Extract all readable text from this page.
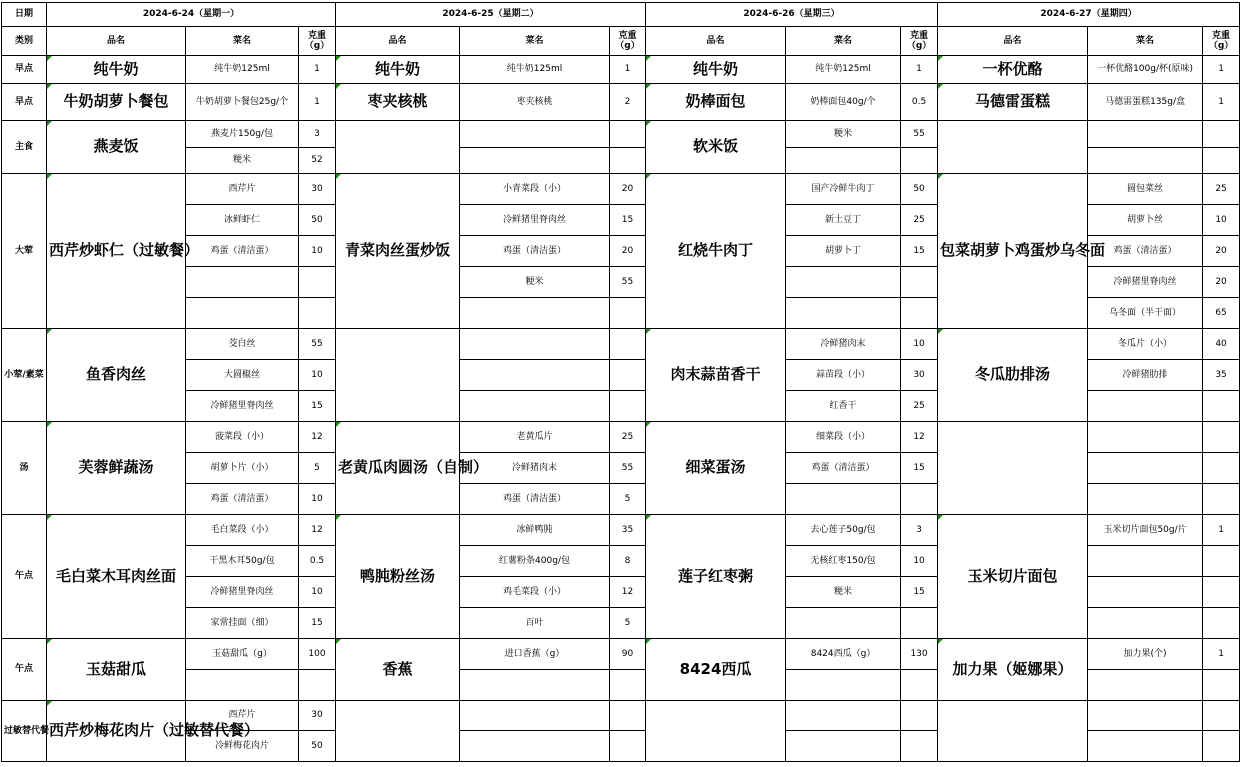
日期	2024-6-24（星期一）			2024-6-25（星期二）			2024-6-26（星期三）			2024-6-27（星期四）		
类别	品名	菜名	克重（g）	品名	菜名	克重（g）	品名	菜名	克重（g）	品名	菜名	克重（g）
早点	纯牛奶	纯牛奶125ml	1	纯牛奶	纯牛奶125ml	1	纯牛奶	纯牛奶125ml	1	一杯优酪	一杯优酪100g/杯(原味)	1
早点	牛奶胡萝卜餐包	牛奶胡萝卜餐包25g/个	1	枣夹核桃	枣夹核桃	2	奶棒面包	奶棒面包40g/个	0.5	马德雷蛋糕	马德雷蛋糕135g/盒	1
主食	燕麦饭	燕麦片150g/包	3				软米饭	粳米	55			
		粳米	52									
大荤	西芹炒虾仁（过敏餐）	西芹片	30	青菜肉丝蛋炒饭	小青菜段（小）	20	红烧牛肉丁	国产冷鲜牛肉丁	50	包菜胡萝卜鸡蛋炒乌冬面	圆包菜丝	25
		冰鲜虾仁	50		冷鲜猪里脊肉丝	15		新土豆丁	25		胡萝卜丝	10
		鸡蛋（清洁蛋）	10		鸡蛋（清洁蛋）	20		胡萝卜丁	15		鸡蛋（清洁蛋）	20
					粳米	55					冷鲜猪里脊肉丝	20
											乌冬面（半干面）	65
小荤/素菜	鱼香肉丝	茭白丝	55				肉末蒜苗香干	冷鲜猪肉末	10	冬瓜肋排汤	冬瓜片（小）	40
		大圆椒丝	10					蒜苗段（小）	30		冷鲜猪肋排	35
		冷鲜猪里脊肉丝	15					红香干	25			
汤	芙蓉鲜蔬汤	菠菜段（小）	12	老黄瓜肉圆汤（自制）	老黄瓜片	25	细菜蛋汤	细菜段（小）	12			
		胡萝卜片（小）	5		冷鲜猪肉末	55		鸡蛋（清洁蛋）	15			
		鸡蛋（清洁蛋）	10		鸡蛋（清洁蛋）	5						
午点	毛白菜木耳肉丝面	毛白菜段（小）	12	鸭肫粉丝汤	冰鲜鸭肫	35	莲子红枣粥	去心莲子50g/包	3	玉米切片面包	玉米切片面包50g/片	1
		干黑木耳50g/包	0.5		红薯粉条400g/包	8		无核红枣150/包	10			
		冷鲜猪里脊肉丝	10		鸡毛菜段（小）	12		粳米	15			
		家常挂面（细）	15		百叶	5						
午点	玉菇甜瓜	玉菇甜瓜（g）	100	香蕉	进口香蕉（g）	90	8424西瓜	8424西瓜（g）	130	加力果（姬娜果）	加力果(个)	1

过敏替代餐	西芹炒梅花肉片（过敏替代餐）	西芹片	30									
		冷鲜梅花肉片	50									
